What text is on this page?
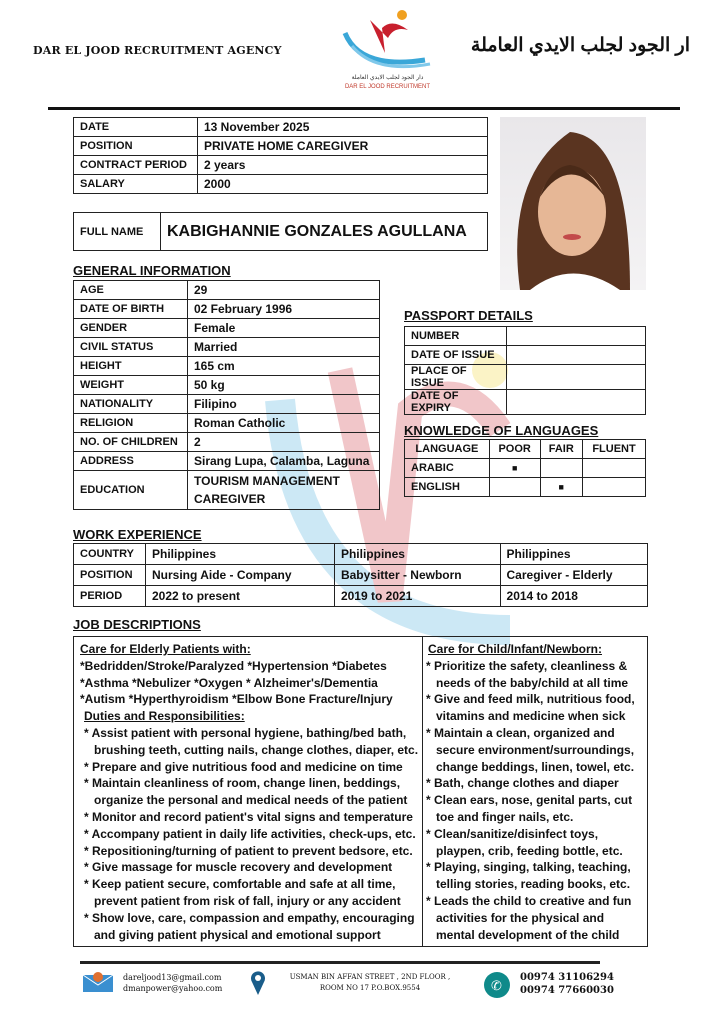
DAR EL JOOD RECRUITMENT AGENCY
دار الجود لجلب الايدي العاملة
DAR EL JOOD RECRUITMENT
ار الجود لجلب الايدي العاملة
DATE	13 November 2025
POSITION	PRIVATE HOME CAREGIVER
CONTRACT PERIOD	2 years
SALARY	2000
FULL NAME	KABIGHANNIE GONZALES AGULLANA
GENERAL INFORMATION
AGE	29
DATE OF BIRTH	02 February 1996
GENDER	Female
CIVIL STATUS	Married
HEIGHT	165 cm
WEIGHT	50 kg
NATIONALITY	Filipino
RELIGION	Roman Catholic
NO. OF CHILDREN	2
ADDRESS	Sirang Lupa, Calamba, Laguna
EDUCATION	TOURISM MANAGEMENT CAREGIVER
PASSPORT DETAILS
NUMBER	
DATE OF ISSUE	
PLACE OF ISSUE	
DATE OF EXPIRY	
KNOWLEDGE OF LANGUAGES
LANGUAGE	POOR	FAIR	FLUENT
ARABIC	■		
ENGLISH		■	
WORK EXPERIENCE
COUNTRY	Philippines	Philippines	Philippines
POSITION	Nursing Aide - Company	Babysitter - Newborn	Caregiver - Elderly
PERIOD	2022 to present	2019 to 2021	2014 to 2018
JOB DESCRIPTIONS
Care for Elderly Patients with:
*Bedridden/Stroke/Paralyzed *Hypertension *Diabetes
*Asthma *Nebulizer *Oxygen * Alzheimer's/Dementia
*Autism *Hyperthyroidism *Elbow Bone Fracture/Injury
Duties and Responsibilities:
* Assist patient with personal hygiene, bathing/bed bath, brushing teeth, cutting nails, change clothes, diaper, etc.
* Prepare and give nutritious food and medicine on time
* Maintain cleanliness of room, change linen, beddings, organize the personal and medical needs of the patient
* Monitor and record patient's vital signs and temperature
* Accompany patient in daily life activities, check-ups, etc.
* Repositioning/turning of patient to prevent bedsore, etc.
* Give massage for muscle recovery and development
* Keep patient secure, comfortable and safe at all time, prevent patient from risk of fall, injury or any accident
* Show love, care, compassion and empathy, encouraging and giving patient physical and emotional support
Care for Child/Infant/Newborn:
* Prioritize the safety, cleanliness & needs of the baby/child at all time
* Give and feed milk, nutritious food, vitamins and medicine when sick
* Maintain a clean, organized and secure environment/surroundings, change beddings, linen, towel, etc.
* Bath, change clothes and diaper
* Clean ears, nose, genital parts, cut toe and finger nails, etc.
* Clean/sanitize/disinfect toys, playpen, crib, feeding bottle, etc.
* Playing, singing, talking, teaching, telling stories, reading books, etc.
* Leads the child to creative and fun activities for the physical and mental development of the child
dareljood13@gmail.com
dmanpower@yahoo.com
USMAN BIN AFFAN STREET , 2ND FLOOR ,
ROOM NO 17 P.O.BOX.9554	✆
00974 31106294
00974 77660030
